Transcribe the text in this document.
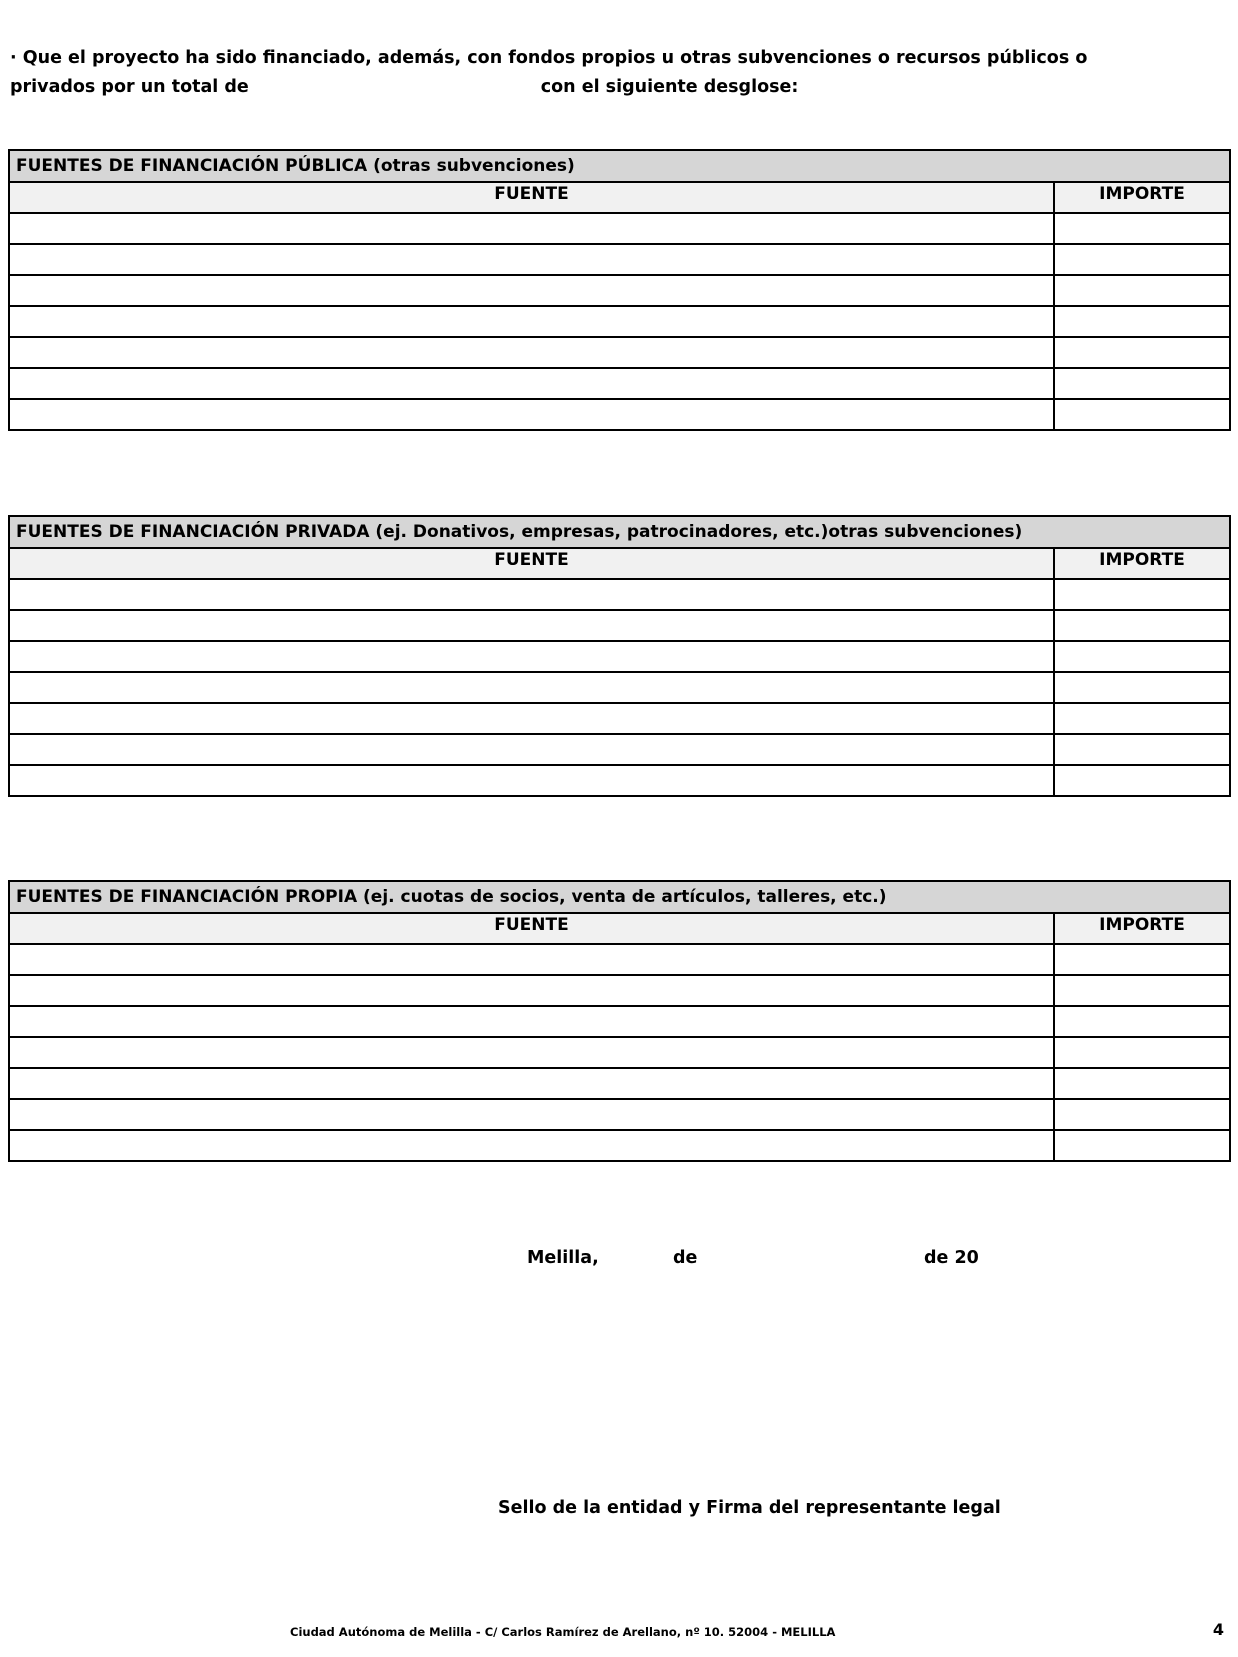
· Que el proyecto ha sido financiado, además, con fondos propios u otras subvenciones o recursos públicos o
privados por un total de	con el siguiente desglose:
FUENTES DE FINANCIACIÓN PÚBLICA (otras subvenciones)	
FUENTE	IMPORTE

FUENTES DE FINANCIACIÓN PRIVADA (ej. Donativos, empresas, patrocinadores, etc.)otras subvenciones)	
FUENTE	IMPORTE

FUENTES DE FINANCIACIÓN PROPIA (ej. cuotas de socios, venta de artículos, talleres, etc.)	
FUENTE	IMPORTE

Melilla,	de	de 20
Sello de la entidad y Firma del representante legal
Ciudad Autónoma de Melilla - C/ Carlos Ramírez de Arellano, nº 10. 52004 - MELILLA	4
